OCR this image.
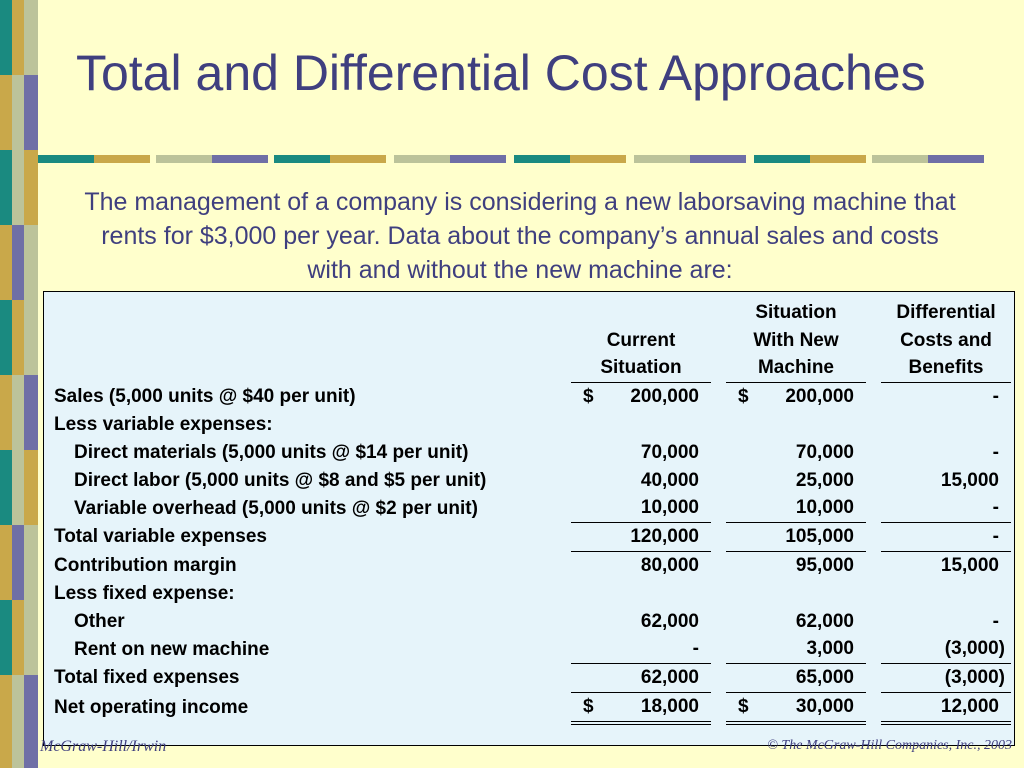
Total and Differential Cost Approaches
The management of a company is considering a new laborsaving machine that rents for $3,000 per year. Data about the company’s annual sales and costs with and without the new machine are:
			Situation		Differential
	Current		With New		Costs and
	Situation		Machine		Benefits
Sales (5,000 units @ $40 per unit)	$ 200,000		$ 200,000		-
Less variable expenses:					
Direct materials (5,000 units @ $14 per unit)	70,000		70,000		-
Direct labor (5,000 units @ $8 and $5 per unit)	40,000		25,000		15,000
Variable overhead (5,000 units @ $2 per unit)	10,000		10,000		-
Total variable expenses	120,000		105,000		-
Contribution margin	80,000		95,000		15,000
Less fixed expense:					
Other	62,000		62,000		-
Rent on new machine	-		3,000		(3,000)
Total fixed expenses	62,000		65,000		(3,000)
Net operating income	$ 18,000		$ 30,000		12,000
McGraw-Hill/Irwin	© The McGraw-Hill Companies, Inc., 2003
